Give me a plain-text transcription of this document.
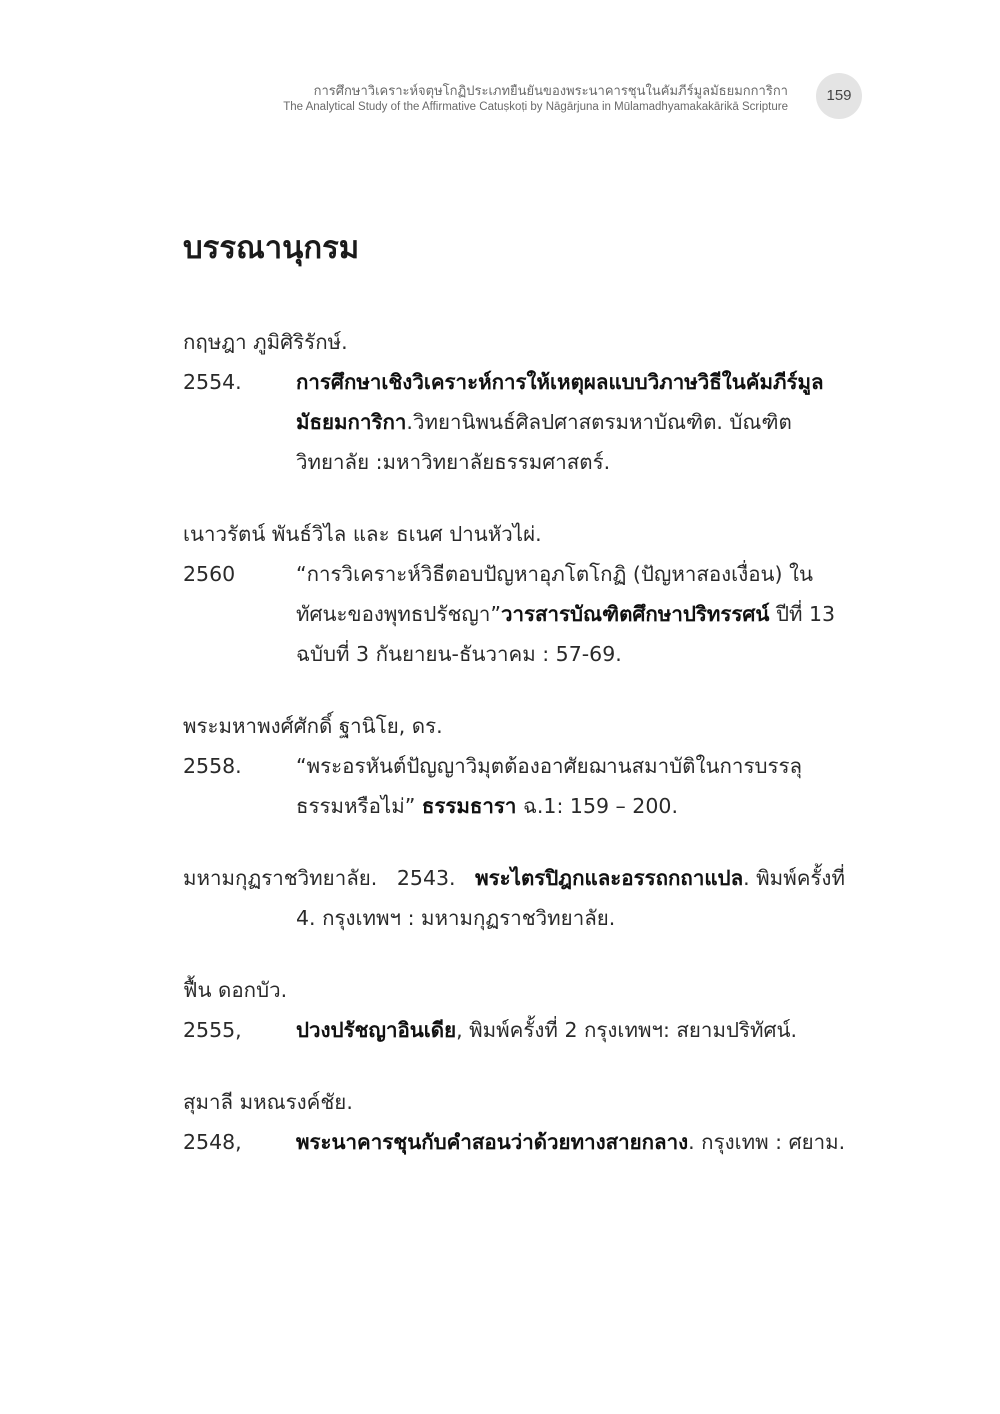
การศึกษาวิเคราะห์จตุษโกฏิประเภทยืนยันของพระนาคารชุนในคัมภีร์มูลมัธยมกการิกา
The Analytical Study of the Affirmative Catuṣkoṭi by Nāgārjuna in Mūlamadhyamakakārikā Scripture
159
บรรณานุกรม
กฤษฎา ภูมิศิริรักษ์.
2554.	การศึกษาเชิงวิเคราะห์การให้เหตุผลแบบวิภาษวิธีในคัมภีร์มูลมัธยมการิกา.วิทยานิพนธ์ศิลปศาสตรมหาบัณฑิต. บัณฑิตวิทยาลัย :มหาวิทยาลัยธรรมศาสตร์.
เนาวรัตน์ พันธ์วิไล และ ธเนศ ปานหัวไผ่.
2560	“การวิเคราะห์วิธีตอบปัญหาอุภโตโกฏิ (ปัญหาสองเงื่อน) ในทัศนะของพุทธปรัชญา”วารสารบัณฑิตศึกษาปริทรรศน์ ปีที่ 13 ฉบับที่ 3 กันยายน-ธันวาคม : 57-69.
พระมหาพงศ์ศักดิ์ ฐานิโย, ดร.
2558.	“พระอรหันต์ปัญญาวิมุตต้องอาศัยฌานสมาบัติในการบรรลุธรรมหรือไม่” ธรรมธารา ฉ.1: 159 – 200.
มหามกุฏราชวิทยาลัย. 2543. พระไตรปิฎกและอรรถกถาแปล. พิมพ์ครั้งที่ 4. กรุงเทพฯ : มหามกุฏราชวิทยาลัย.
ฟื้น ดอกบัว.
2555,	ปวงปรัชญาอินเดีย, พิมพ์ครั้งที่ 2 กรุงเทพฯ: สยามปริทัศน์.
สุมาลี มหณรงค์ชัย.
2548,	พระนาคารชุนกับคำสอนว่าด้วยทางสายกลาง. กรุงเทพ : ศยาม.
